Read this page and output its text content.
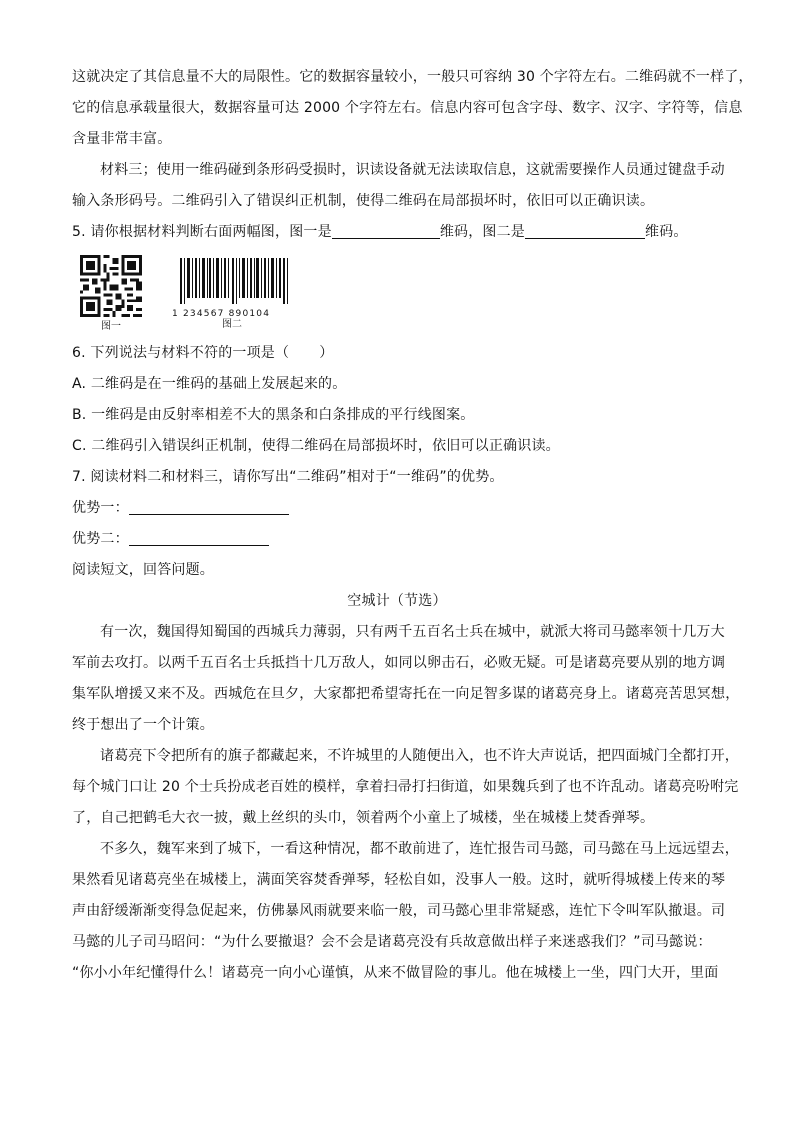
这就决定了其信息量不大的局限性。它的数据容量较小，一般只可容纳 30 个字符左右。二维码就不一样了，

它的信息承载量很大，数据容量可达 2000 个字符左右。信息内容可包含字母、数字、汉字、字符等，信息

含量非常丰富。

材料三；使用一维码碰到条形码受损时，识读设备就无法读取信息，这就需要操作人员通过键盘手动

输入条形码号。二维码引入了错误纠正机制，使得二维码在局部损坏时，依旧可以正确识读。

5. 请你根据材料判断右面两幅图，图一是	维码，图二是	维码。

图一
1 234567 890104
图二

6. 下列说法与材料不符的一项是（ ）

A. 二维码是在一维码的基础上发展起来的。

B. 一维码是由反射率相差不大的黑条和白条排成的平行线图案。

C. 二维码引入错误纠正机制，使得二维码在局部损坏时，依旧可以正确识读。

7. 阅读材料二和材料三，请你写出“二维码”相对于“一维码”的优势。

优势一：

优势二：

阅读短文，回答问题。

空城计（节选）

有一次，魏国得知蜀国的西城兵力薄弱，只有两千五百名士兵在城中，就派大将司马懿率领十几万大

军前去攻打。以两千五百名士兵抵挡十几万敌人，如同以卵击石，必败无疑。可是诸葛亮要从别的地方调

集军队增援又来不及。西城危在旦夕，大家都把希望寄托在一向足智多谋的诸葛亮身上。诸葛亮苦思冥想，

终于想出了一个计策。

诸葛亮下令把所有的旗子都藏起来，不许城里的人随便出入，也不许大声说话，把四面城门全都打开，

每个城门口让 20 个士兵扮成老百姓的模样，拿着扫帚打扫街道，如果魏兵到了也不许乱动。诸葛亮吩咐完

了，自己把鹤毛大衣一披，戴上丝织的头巾，领着两个小童上了城楼，坐在城楼上焚香弹琴。

不多久，魏军来到了城下，一看这种情况，都不敢前进了，连忙报告司马懿，司马懿在马上远远望去，

果然看见诸葛亮坐在城楼上，满面笑容焚香弹琴，轻松自如，没事人一般。这时，就听得城楼上传来的琴

声由舒缓渐渐变得急促起来，仿佛暴风雨就要来临一般，司马懿心里非常疑惑，连忙下令叫军队撤退。司

马懿的儿子司马昭问：“为什么要撤退？会不会是诸葛亮没有兵故意做出样子来迷惑我们？”司马懿说：

“你小小年纪懂得什么！诸葛亮一向小心谨慎，从来不做冒险的事儿。他在城楼上一坐，四门大开，里面
